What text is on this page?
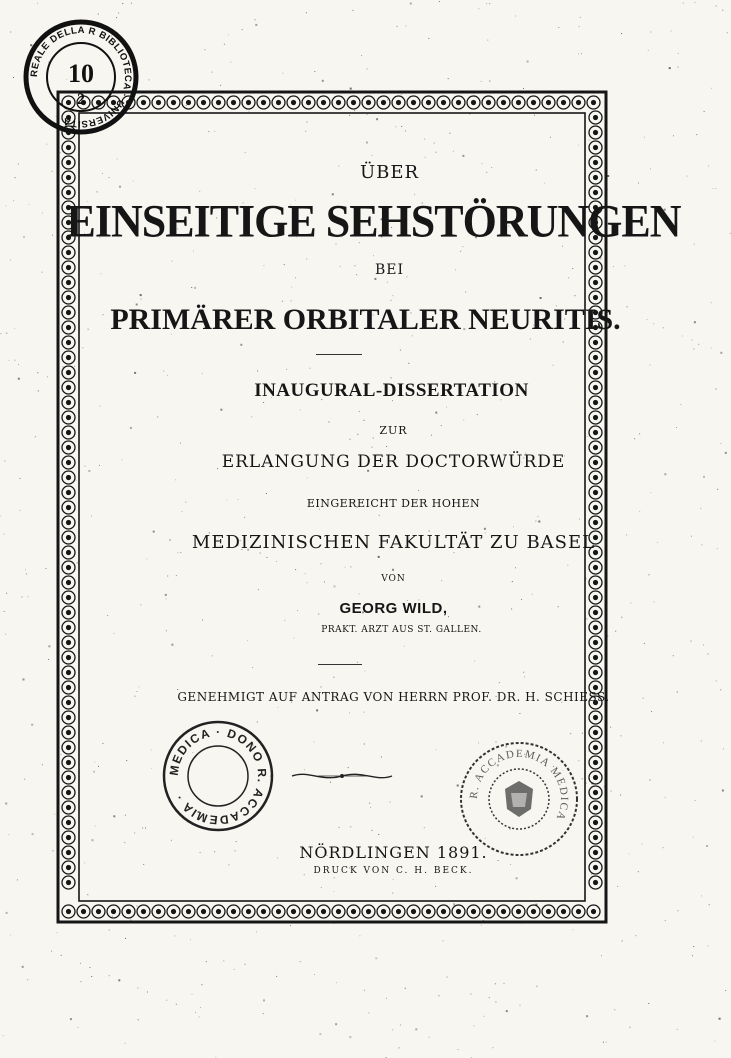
ÜBER
EINSEITIGE SEHSTÖRUNGEN
BEI
PRIMÄRER ORBITALER NEURITIS.
INAUGURAL-DISSERTATION
ZUR
ERLANGUNG DER DOCTORWÜRDE
EINGEREICHT DER HOHEN
MEDIZINISCHEN FAKULTÄT ZU BASEL
VON
GEORG WILD,
PRAKT. ARZT AUS ST. GALLEN.
GENEHMIGT AUF ANTRAG VON HERRN PROF. DR. H. SCHIESS.
NÖRDLINGEN 1891.
DRUCK VON C. H. BECK.
REALE DELLA R BIBLIOTECA · UNIVERSITÀ ·
10
2
MEDICA · DONO R. ACCADEMIA ·	R. ACCADEMIA MEDICA
